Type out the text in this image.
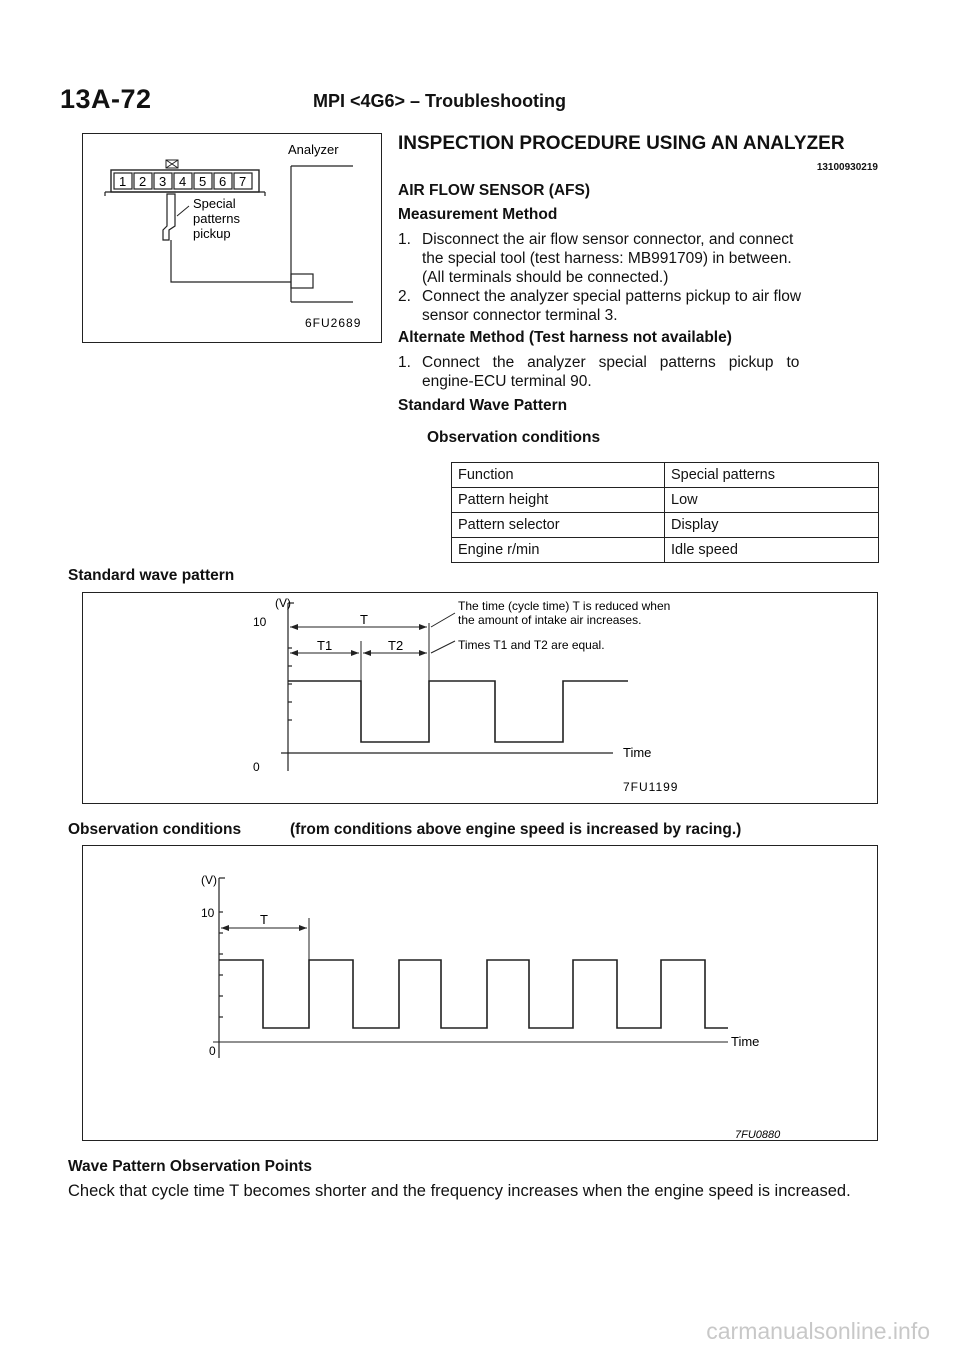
13A-72	MPI <4G6> – Troubleshooting
1 2 3 4 5 6 7
Analyzer
Special
patterns
pickup
6FU2689
INSPECTION PROCEDURE USING AN ANALYZER
13100930219
AIR FLOW SENSOR (AFS)
Measurement Method
1. Disconnect the air flow sensor connector, and connect
the special tool (test harness: MB991709) in between.
(All terminals should be connected.)
2. Connect the analyzer special patterns pickup to air flow
sensor connector terminal 3.
Alternate Method (Test harness not available)
1. Connect   the   analyzer   special   patterns   pickup   to
engine-ECU terminal 90.
Standard Wave Pattern
Observation conditions
Function	Special patterns
Pattern height	Low
Pattern selector	Display
Engine r/min	Idle speed
Standard wave pattern
(V)
10
0
T
T1	T2
The time (cycle time) T is reduced when
the amount of intake air increases.
Times T1 and T2 are equal.
Time
7FU1199
Observation conditions	(from conditions above engine speed is increased by racing.)
(V)
10
0
T
Time
7FU0880
Wave Pattern Observation Points
Check that cycle time T becomes shorter and the frequency increases when the engine speed is increased.
carmanualsonline.info
